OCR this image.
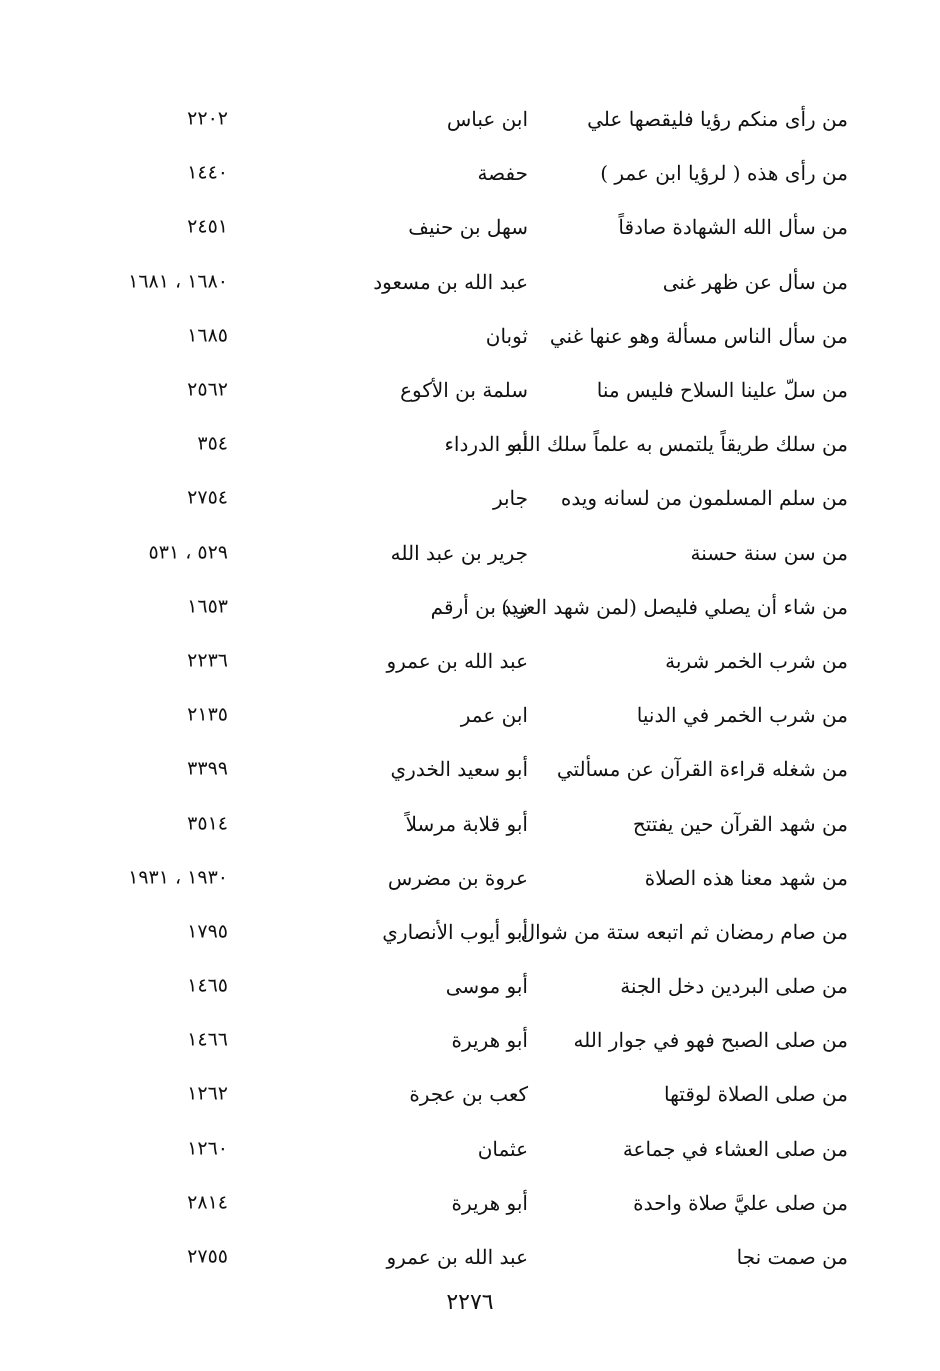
من رأى منكم رؤيا فليقصها علي
ابن عباس
٢٢٠٢
من رأى هذه ( لرؤيا ابن عمر )
حفصة
١٤٤٠
من سأل الله الشهادة صادقاً
سهل بن حنيف
٢٤٥١
من سأل عن ظهر غنى
عبد الله بن مسعود
١٦٨٠ ، ١٦٨١
من سأل الناس مسألة وهو عنها غني
ثوبان
١٦٨٥
من سلّ علينا السلاح فليس منا
سلمة بن الأكوع
٢٥٦٢
من سلك طريقاً يلتمس به علماً سلك الله
أبو الدرداء
٣٥٤
من سلم المسلمون من لسانه ويده
جابر
٢٧٥٤
من سن سنة حسنة
جرير بن عبد الله
٥٢٩ ، ٥٣١
من شاء أن يصلي فليصل (لمن شهد العيد)
زيد بن أرقم
١٦٥٣
من شرب الخمر شربة
عبد الله بن عمرو
٢٢٣٦
من شرب الخمر في الدنيا
ابن عمر
٢١٣٥
من شغله قراءة القرآن عن مسألتي
أبو سعيد الخدري
٣٣٩٩
من شهد القرآن حين يفتتح
أبو قلابة مرسلاً
٣٥١٤
من شهد معنا هذه الصلاة
عروة بن مضرس
١٩٣٠ ، ١٩٣١
من صام رمضان ثم اتبعه ستة من شوال
أبو أيوب الأنصاري
١٧٩٥
من صلى البردين دخل الجنة
أبو موسى
١٤٦٥
من صلى الصبح فهو في جوار الله
أبو هريرة
١٤٦٦
من صلى الصلاة لوقتها
كعب بن عجرة
١٢٦٢
من صلى العشاء في جماعة
عثمان
١٢٦٠
من صلى عليَّ صلاة واحدة
أبو هريرة
٢٨١٤
من صمت نجا
عبد الله بن عمرو
٢٧٥٥
٢٢٧٦
